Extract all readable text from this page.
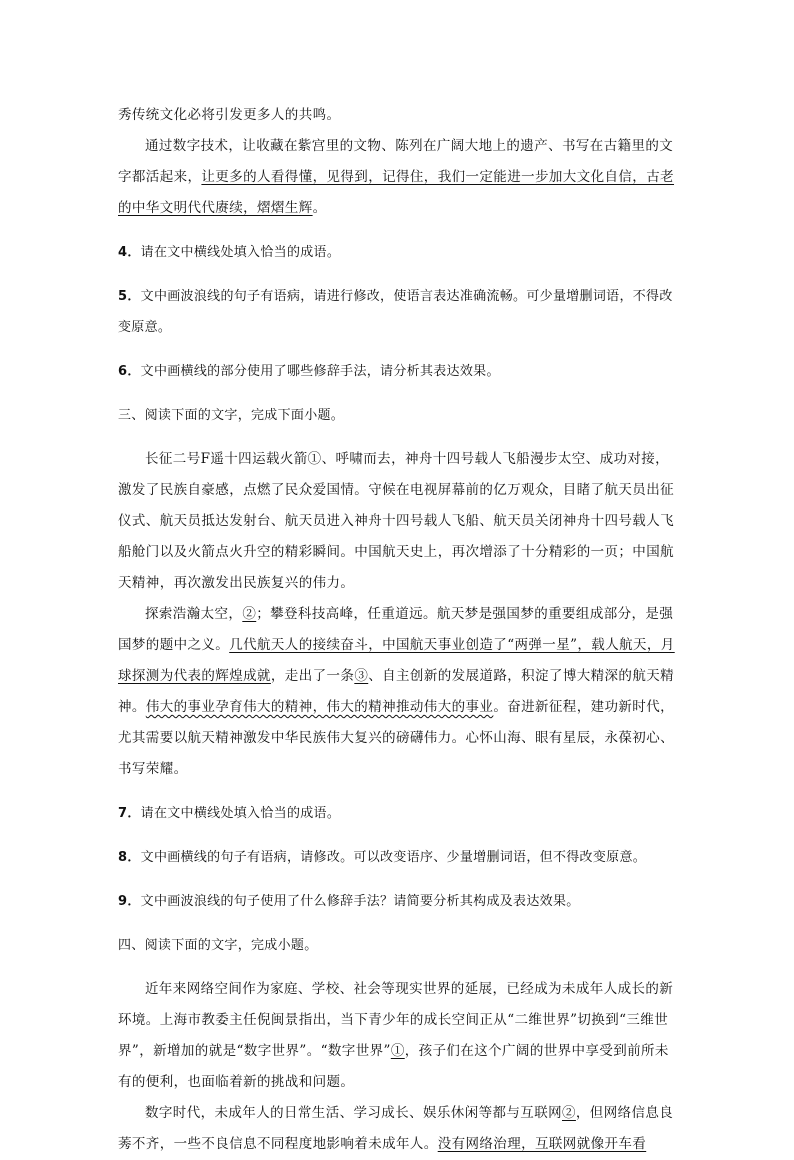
秀传统文化必将引发更多人的共鸣。

通过数字技术，让收藏在紫宫里的文物、陈列在广阔大地上的遗产、书写在古籍里的文字都活起来，让更多的人看得懂，见得到，记得住，我们一定能进一步加大文化自信，古老的中华文明代代赓续，熠熠生辉。

4．请在文中横线处填入恰当的成语。

5．文中画波浪线的句子有语病，请进行修改，使语言表达准确流畅。可少量增删词语，不得改变原意。

6．文中画横线的部分使用了哪些修辞手法，请分析其表达效果。

三、阅读下面的文字，完成下面小题。

长征二号F遥十四运载火箭①、呼啸而去，神舟十四号载人飞船漫步太空、成功对接，激发了民族自豪感，点燃了民众爱国情。守候在电视屏幕前的亿万观众，目睹了航天员出征仪式、航天员抵达发射台、航天员进入神舟十四号载人飞船、航天员关闭神舟十四号载人飞船舱门以及火箭点火升空的精彩瞬间。中国航天史上，再次增添了十分精彩的一页；中国航天精神，再次激发出民族复兴的伟力。

探索浩瀚太空，②；攀登科技高峰，任重道远。航天梦是强国梦的重要组成部分，是强国梦的题中之义。几代航天人的接续奋斗，中国航天事业创造了“两弹一星”，载人航天，月球探测为代表的辉煌成就，走出了一条③、自主创新的发展道路，积淀了博大精深的航天精神。伟大的事业孕育伟大的精神，伟大的精神推动伟大的事业。奋进新征程，建功新时代，尤其需要以航天精神激发中华民族伟大复兴的磅礴伟力。心怀山海、眼有星辰，永葆初心、书写荣耀。

7．请在文中横线处填入恰当的成语。

8．文中画横线的句子有语病，请修改。可以改变语序、少量增删词语，但不得改变原意。

9．文中画波浪线的句子使用了什么修辞手法？请简要分析其构成及表达效果。

四、阅读下面的文字，完成小题。

近年来网络空间作为家庭、学校、社会等现实世界的延展，已经成为未成年人成长的新环境。上海市教委主任倪闽景指出，当下青少年的成长空间正从“二维世界”切换到“三维世界”，新增加的就是“数字世界”。“数字世界”①，孩子们在这个广阔的世界中享受到前所未有的便利，也面临着新的挑战和问题。

数字时代，未成年人的日常生活、学习成长、娱乐休闲等都与互联网②，但网络信息良莠不齐，一些不良信息不同程度地影响着未成年人。没有网络治理，互联网就像开车看
